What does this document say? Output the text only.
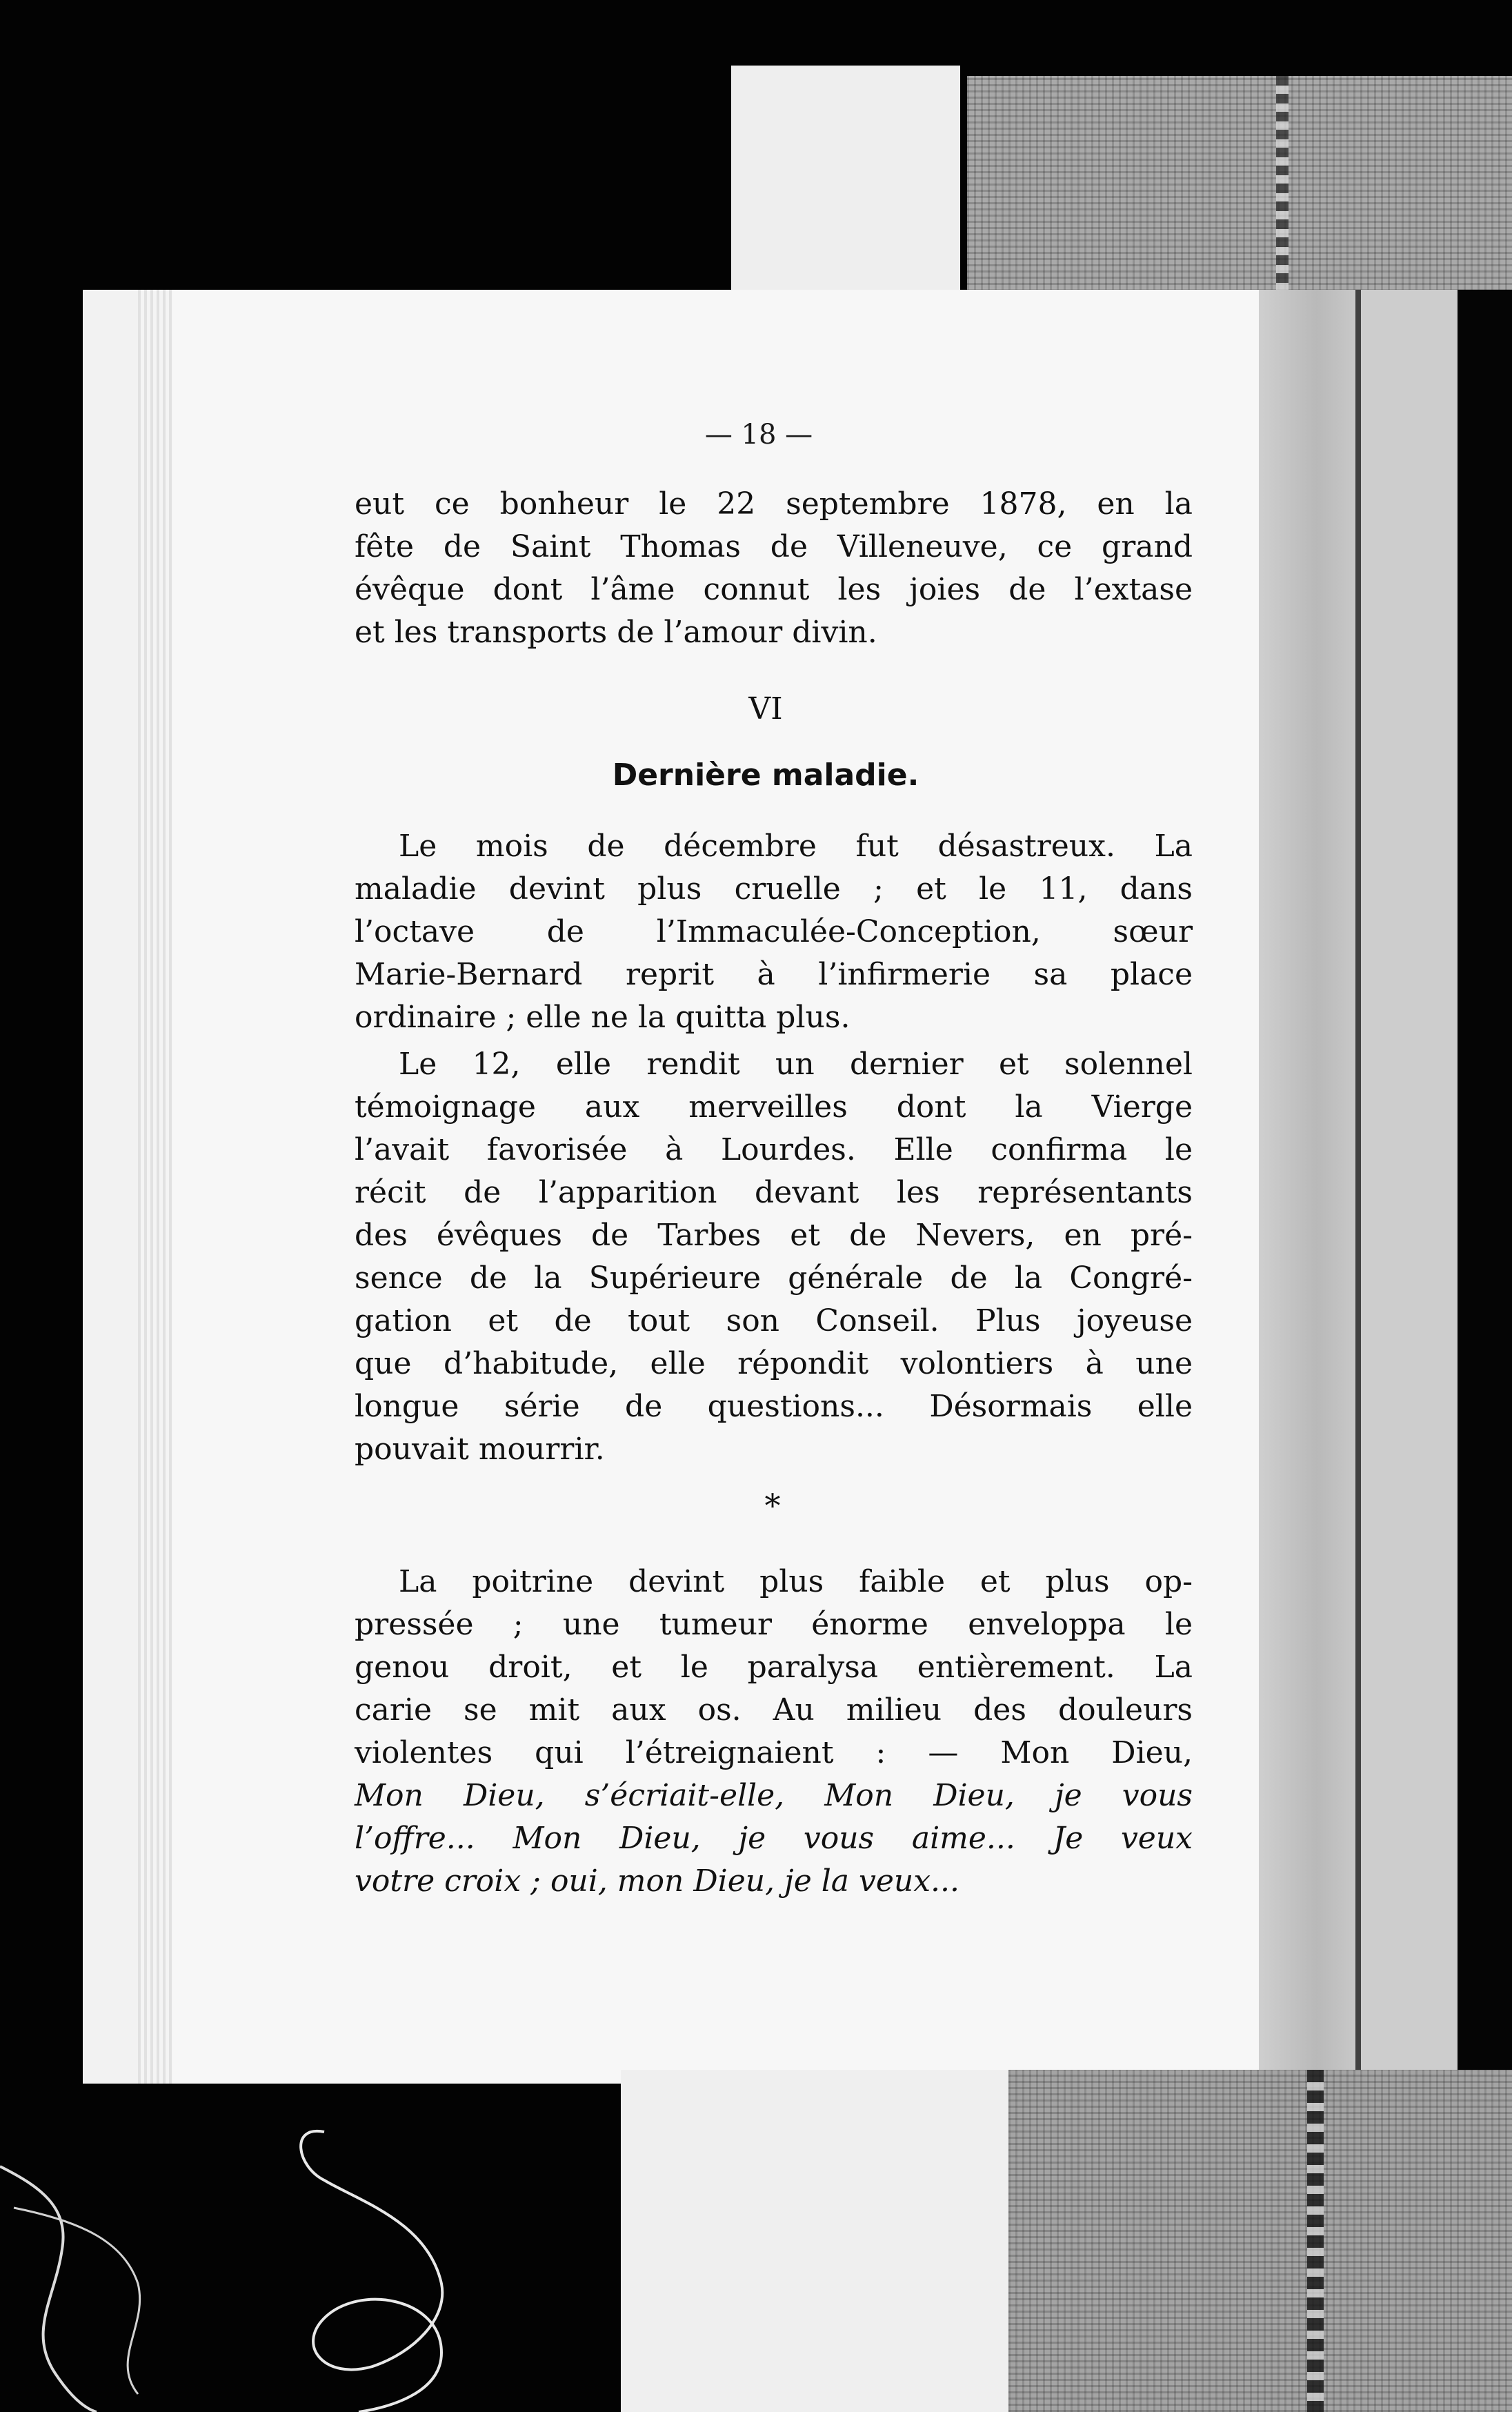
— 18 —

eut ce bonheur le 22 septembre 1878, en la

fête de Saint Thomas de Villeneuve, ce grand

évêque dont l’âme connut les joies de l’extase

et les transports de l’amour divin.

VI
Dernière maladie.

Le mois de décembre fut désastreux. La

maladie devint plus cruelle ; et le 11, dans

l’octave de l’Immaculée-Conception, sœur

Marie-Bernard reprit à l’infirmerie sa place

ordinaire ; elle ne la quitta plus.

Le 12, elle rendit un dernier et solennel

témoignage aux merveilles dont la Vierge

l’avait favorisée à Lourdes. Elle confirma le

récit de l’apparition devant les représentants

des évêques de Tarbes et de Nevers, en pré-

sence de la Supérieure générale de la Congré-

gation et de tout son Conseil. Plus joyeuse

que d’habitude, elle répondit volontiers à une

longue série de questions... Désormais elle

pouvait mourrir.

*

La poitrine devint plus faible et plus op-

pressée ; une tumeur énorme enveloppa le

genou droit, et le paralysa entièrement. La

carie se mit aux os. Au milieu des douleurs

violentes qui l’étreignaient : — Mon Dieu,

Mon Dieu, s’écriait-elle, Mon Dieu, je vous

l’offre... Mon Dieu, je vous aime... Je veux

votre croix ; oui, mon Dieu, je la veux...
